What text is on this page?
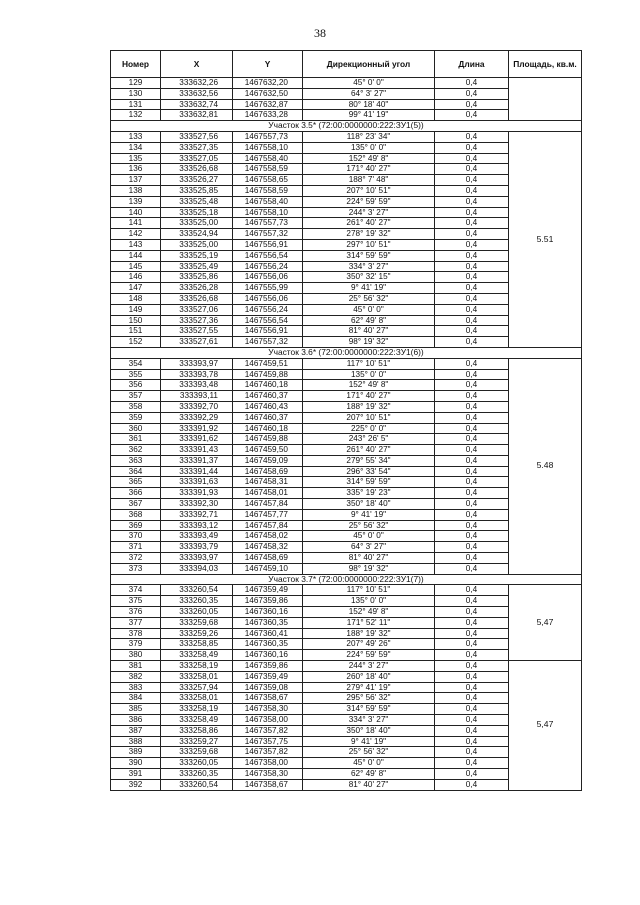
38
Номер	X	Y	Дирекционный угол	Длина	Площадь, кв.м.
129	333632,26	1467632,20	45° 0' 0"	0,4	
130	333632,56	1467632,50	64° 3' 27"	0,4	
131	333632,74	1467632,87	80° 18' 40"	0,4	
132	333632,81	1467633,28	99° 41' 19"	0,4	
Участок 3.5* (72:00:0000000:222:ЗУ1(5))					
133	333527,56	1467557,73	118° 23' 34"	0,4	5.51
134	333527,35	1467558,10	135° 0' 0"	0,4	
135	333527,05	1467558,40	152° 49' 8"	0,4	
136	333526,68	1467558,59	171° 40' 27"	0,4	
137	333526,27	1467558,65	188° 7' 48"	0,4	
138	333525,85	1467558,59	207° 10' 51"	0,4	
139	333525,48	1467558,40	224° 59' 59"	0,4	
140	333525,18	1467558,10	244° 3' 27"	0,4	
141	333525,00	1467557,73	261° 40' 27"	0,4	
142	333524,94	1467557,32	278° 19' 32"	0,4	
143	333525,00	1467556,91	297° 10' 51"	0,4	
144	333525,19	1467556,54	314° 59' 59"	0,4	
145	333525,49	1467556,24	334° 3' 27"	0,4	
146	333525,86	1467556,06	350° 32' 15"	0,4	
147	333526,28	1467555,99	9° 41' 19"	0,4	
148	333526,68	1467556,06	25° 56' 32"	0,4	
149	333527,06	1467556,24	45° 0' 0"	0,4	
150	333527,36	1467556,54	62° 49' 8"	0,4	
151	333527,55	1467556,91	81° 40' 27"	0,4	
152	333527,61	1467557,32	98° 19' 32"	0,4	
Участок 3.6* (72:00:0000000:222:ЗУ1(6))					
354	333393,97	1467459,51	117° 10' 51"	0,4	5.48
355	333393,78	1467459,88	135° 0' 0"	0,4	
356	333393,48	1467460,18	152° 49' 8"	0,4	
357	333393,11	1467460,37	171° 40' 27"	0,4	
358	333392,70	1467460,43	188° 19' 32"	0,4	
359	333392,29	1467460,37	207° 10' 51"	0,4	
360	333391,92	1467460,18	225° 0' 0"	0,4	
361	333391,62	1467459,88	243° 26' 5"	0,4	
362	333391,43	1467459,50	261° 40' 27"	0,4	
363	333391,37	1467459,09	279° 55' 34"	0,4	
364	333391,44	1467458,69	296° 33' 54"	0,4	
365	333391,63	1467458,31	314° 59' 59"	0,4	
366	333391,93	1467458,01	335° 19' 23"	0,4	
367	333392,30	1467457,84	350° 18' 40"	0,4	
368	333392,71	1467457,77	9° 41' 19"	0,4	
369	333393,12	1467457,84	25° 56' 32"	0,4	
370	333393,49	1467458,02	45° 0' 0"	0,4	
371	333393,79	1467458,32	64° 3' 27"	0,4	
372	333393,97	1467458,69	81° 40' 27"	0,4	
373	333394,03	1467459,10	98° 19' 32"	0,4	
Участок 3.7* (72:00:0000000:222:ЗУ1(7))					
374	333260,54	1467359,49	117° 10' 51"	0,4	5,47
375	333260,35	1467359,86	135° 0' 0"	0,4	
376	333260,05	1467360,16	152° 49' 8"	0,4	
377	333259,68	1467360,35	171° 52' 11"	0,4	
378	333259,26	1467360,41	188° 19' 32"	0,4	
379	333258,85	1467360,35	207° 49' 26"	0,4	
380	333258,49	1467360,16	224° 59' 59"	0,4	
381	333258,19	1467359,86	244° 3' 27"	0,4	5,47
382	333258,01	1467359,49	260° 18' 40"	0,4	
383	333257,94	1467359,08	279° 41' 19"	0,4	
384	333258,01	1467358,67	295° 56' 32"	0,4	
385	333258,19	1467358,30	314° 59' 59"	0,4	
386	333258,49	1467358,00	334° 3' 27"	0,4	
387	333258,86	1467357,82	350° 18' 40"	0,4	
388	333259,27	1467357,75	9° 41' 19"	0,4	
389	333259,68	1467357,82	25° 56' 32"	0,4	
390	333260,05	1467358,00	45° 0' 0"	0,4	
391	333260,35	1467358,30	62° 49' 8"	0,4	
392	333260,54	1467358,67	81° 40' 27"	0,4	
